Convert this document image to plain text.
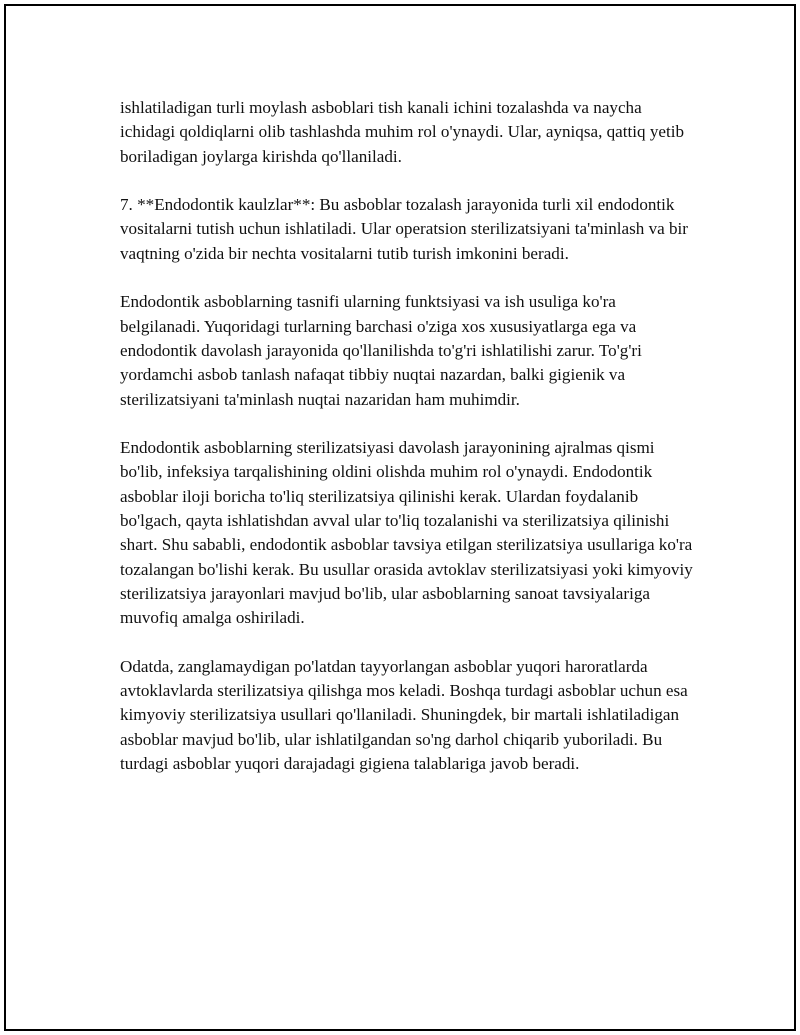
ishlatiladigan turli moylash asboblari tish kanali ichini tozalashda va naycha ichidagi qoldiqlarni olib tashlashda muhim rol o'ynaydi. Ular, ayniqsa, qattiq yetib boriladigan joylarga kirishda qo'llaniladi.

7. **Endodontik kaulzlar**: Bu asboblar tozalash jarayonida turli xil endodontik vositalarni tutish uchun ishlatiladi. Ular operatsion sterilizatsiyani ta'minlash va bir vaqtning o'zida bir nechta vositalarni tutib turish imkonini beradi.

Endodontik asboblarning tasnifi ularning funktsiyasi va ish usuliga ko'ra belgilanadi. Yuqoridagi turlarning barchasi o'ziga xos xususiyatlarga ega va endodontik davolash jarayonida qo'llanilishda to'g'ri ishlatilishi zarur. To'g'ri yordamchi asbob tanlash nafaqat tibbiy nuqtai nazardan, balki gigienik va sterilizatsiyani ta'minlash nuqtai nazaridan ham muhimdir.

Endodontik asboblarning sterilizatsiyasi davolash jarayonining ajralmas qismi bo'lib, infeksiya tarqalishining oldini olishda muhim rol o'ynaydi. Endodontik asboblar iloji boricha to'liq sterilizatsiya qilinishi kerak. Ulardan foydalanib bo'lgach, qayta ishlatishdan avval ular to'liq tozalanishi va sterilizatsiya qilinishi shart. Shu sababli, endodontik asboblar tavsiya etilgan sterilizatsiya usullariga ko'ra tozalangan bo'lishi kerak. Bu usullar orasida avtoklav sterilizatsiyasi yoki kimyoviy sterilizatsiya jarayonlari mavjud bo'lib, ular asboblarning sanoat tavsiyalariga muvofiq amalga oshiriladi.

Odatda, zanglamaydigan po'latdan tayyorlangan asboblar yuqori haroratlarda avtoklavlarda sterilizatsiya qilishga mos keladi. Boshqa turdagi asboblar uchun esa kimyoviy sterilizatsiya usullari qo'llaniladi. Shuningdek, bir martali ishlatiladigan asboblar mavjud bo'lib, ular ishlatilgandan so'ng darhol chiqarib yuboriladi. Bu turdagi asboblar yuqori darajadagi gigiena talablariga javob beradi.
